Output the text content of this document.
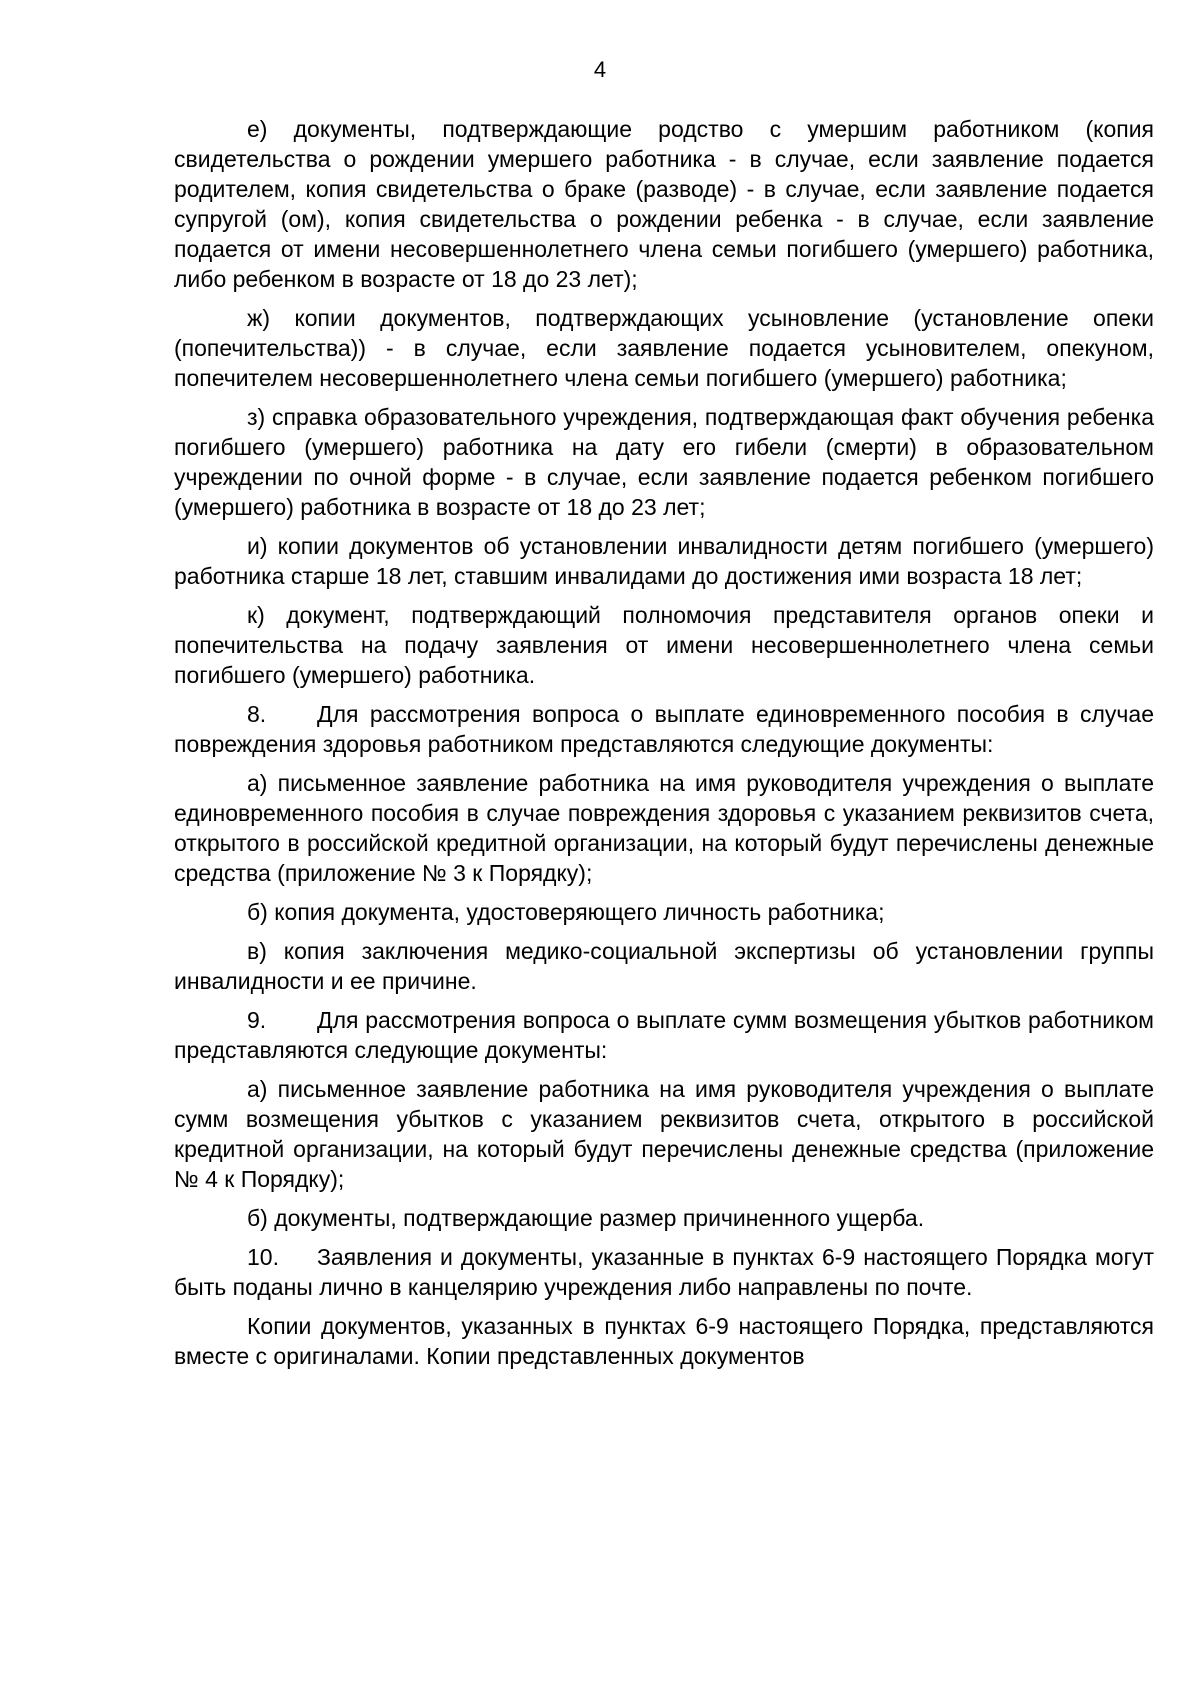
4

е) документы, подтверждающие родство с умершим работником (копия свидетельства о рождении умершего работника - в случае, если заявление подается родителем, копия свидетельства о браке (разводе) - в случае, если заявление подается супругой (ом), копия свидетельства о рождении ребенка - в случае, если заявление подается от имени несовершеннолетнего члена семьи погибшего (умершего) работника, либо ребенком в возрасте от 18 до 23 лет);

ж) копии документов, подтверждающих усыновление (установление опеки (попечительства)) - в случае, если заявление подается усыновителем, опекуном, попечителем несовершеннолетнего члена семьи погибшего (умершего) работника;

з) справка образовательного учреждения, подтверждающая факт обучения ребенка погибшего (умершего) работника на дату его гибели (смерти) в образовательном учреждении по очной форме - в случае, если заявление подается ребенком погибшего (умершего) работника в возрасте от 18 до 23 лет;

и) копии документов об установлении инвалидности детям погибшего (умершего) работника старше 18 лет, ставшим инвалидами до достижения ими возраста 18 лет;

к) документ, подтверждающий полномочия представителя органов опеки и попечительства на подачу заявления от имени несовершеннолетнего члена семьи погибшего (умершего) работника.

8. Для рассмотрения вопроса о выплате единовременного пособия в случае повреждения здоровья работником представляются следующие документы:

а) письменное заявление работника на имя руководителя учреждения о выплате единовременного пособия в случае повреждения здоровья с указанием реквизитов счета, открытого в российской кредитной организации, на который будут перечислены денежные средства (приложение № 3 к Порядку);

б) копия документа, удостоверяющего личность работника;

в) копия заключения медико-социальной экспертизы об установлении группы инвалидности и ее причине.

9. Для рассмотрения вопроса о выплате сумм возмещения убытков работником представляются следующие документы:

а) письменное заявление работника на имя руководителя учреждения о выплате сумм возмещения убытков с указанием реквизитов счета, открытого в российской кредитной организации, на который будут перечислены денежные средства (приложение № 4 к Порядку);

б) документы, подтверждающие размер причиненного ущерба.

10. Заявления и документы, указанные в пунктах 6-9 настоящего Порядка могут быть поданы лично в канцелярию учреждения либо направлены по почте.

Копии документов, указанных в пунктах 6-9 настоящего Порядка, представляются вместе с оригиналами. Копии представленных документов
